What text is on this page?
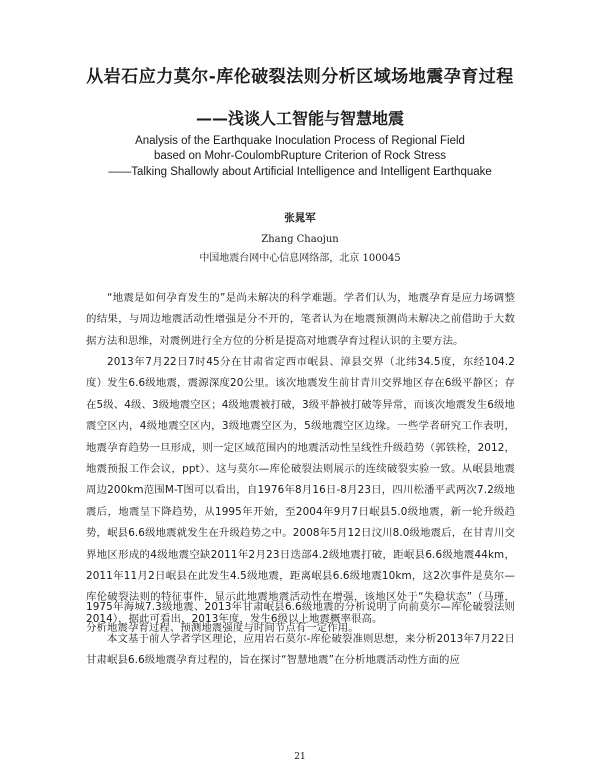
从岩石应力莫尔-库伦破裂法则分析区域场地震孕育过程
——浅谈人工智能与智慧地震
Analysis of the Earthquake Inoculation Process of Regional Field
based on Mohr-CoulombRupture Criterion of Rock Stress
——Talking Shallowly about Artificial Intelligence and Intelligent Earthquake
张晁军
Zhang Chaojun
中国地震台网中心信息网络部，北京 100045

“地震是如何孕育发生的”是尚未解决的科学难题。学者们认为，地震孕育是应力场调整的结果，与周边地震活动性增强是分不开的，笔者认为在地震预测尚未解决之前借助于大数据方法和思维，对震例进行全方位的分析是提高对地震孕育过程认识的主要方法。

2013年7月22日7时45分在甘肃省定西市岷县、漳县交界（北纬34.5度，东经104.2度）发生6.6级地震，震源深度20公里。该次地震发生前甘青川交界地区存在6级平静区；存在5级、4级、3级地震空区；4级地震被打破，3级平静被打破等异常，而该次地震发生6级地震空区内，4级地震空区内，3级地震空区为，5级地震空区边缘。一些学者研究工作表明，地震孕育趋势一旦形成，则一定区域范围内的地震活动性呈线性升级趋势（郭铁栓，2012，地震预报工作会议，ppt）、这与莫尔—库伦破裂法则展示的连续破裂实验一致。从岷县地震周边200km范围M-T图可以看出，自1976年8月16日-8月23日，四川松潘平武两次7.2级地震后，地震呈下降趋势，从1995年开始，至2004年9月7日岷县5.0级地震，新一轮升级趋势，岷县6.6级地震就发生在升级趋势之中。2008年5月12日汶川8.0级地震后，在甘青川交界地区形成的4级地震空缺2011年2月23日迭部4.2级地震打破，距岷县6.6级地震44km，2011年11月2日岷县在此发生4.5级地震，距离岷县6.6级地震10km，这2次事件是莫尔—库伦破裂法则的特征事件，显示此地震地震活动性在增强，该地区处于“失稳状态”（马瑾，2014），据此可看出，2013年度，发生6级以上地震概率很高。

1975年海城7.3级地震、2013年甘肃岷县6.6级地震的分析说明了向前莫尔—库伦破裂法则分析地震孕育过程、预测地震强度与时间节点有一定作用。

本文基于前人学者学区理论，应用岩石莫尔-库伦破裂准则思想，来分析2013年7月22日甘肃岷县6.6级地震孕育过程的，旨在探讨“智慧地震”在分析地震活动性方面的应

21
